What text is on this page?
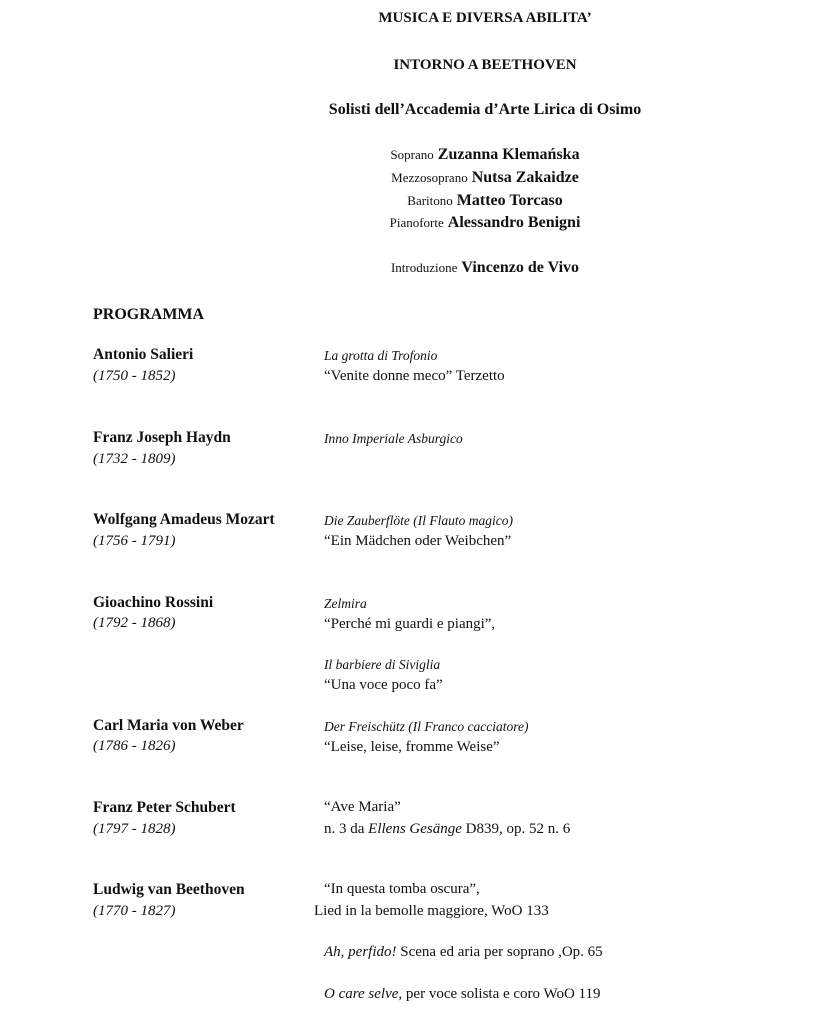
MUSICA E DIVERSA ABILITA’
INTORNO A BEETHOVEN
Solisti dell’Accademia d’Arte Lirica di Osimo
Soprano Zuzanna Klemańska
Mezzosoprano Nutsa Zakaidze
Baritono Matteo Torcaso
Pianoforte Alessandro Benigni
Introduzione Vincenzo de Vivo
PROGRAMMA
Antonio Salieri
(1750 - 1852)
La grotta di Trofonio
“Venite donne meco” Terzetto
Franz Joseph Haydn
(1732 - 1809)
Inno Imperiale Asburgico
Wolfgang Amadeus Mozart
(1756 - 1791)
Die Zauberflöte (Il Flauto magico)
“Ein Mädchen oder Weibchen”
Gioachino Rossini
(1792 - 1868)
Zelmira
“Perché mi guardi e piangi”,
Il barbiere di Siviglia
“Una voce poco fa”
Carl Maria von Weber
(1786 - 1826)
Der Freischütz (Il Franco cacciatore)
“Leise, leise, fromme Weise”
Franz Peter Schubert
(1797 - 1828)
“Ave Maria”
n. 3 da Ellens Gesänge D839, op. 52 n. 6
Ludwig van Beethoven
(1770 - 1827)
“In questa tomba oscura”,
Lied in la bemolle maggiore, WoO 133
Ah, perfido! Scena ed aria per soprano ,Op. 65
O care selve, per voce solista e coro WoO 119
